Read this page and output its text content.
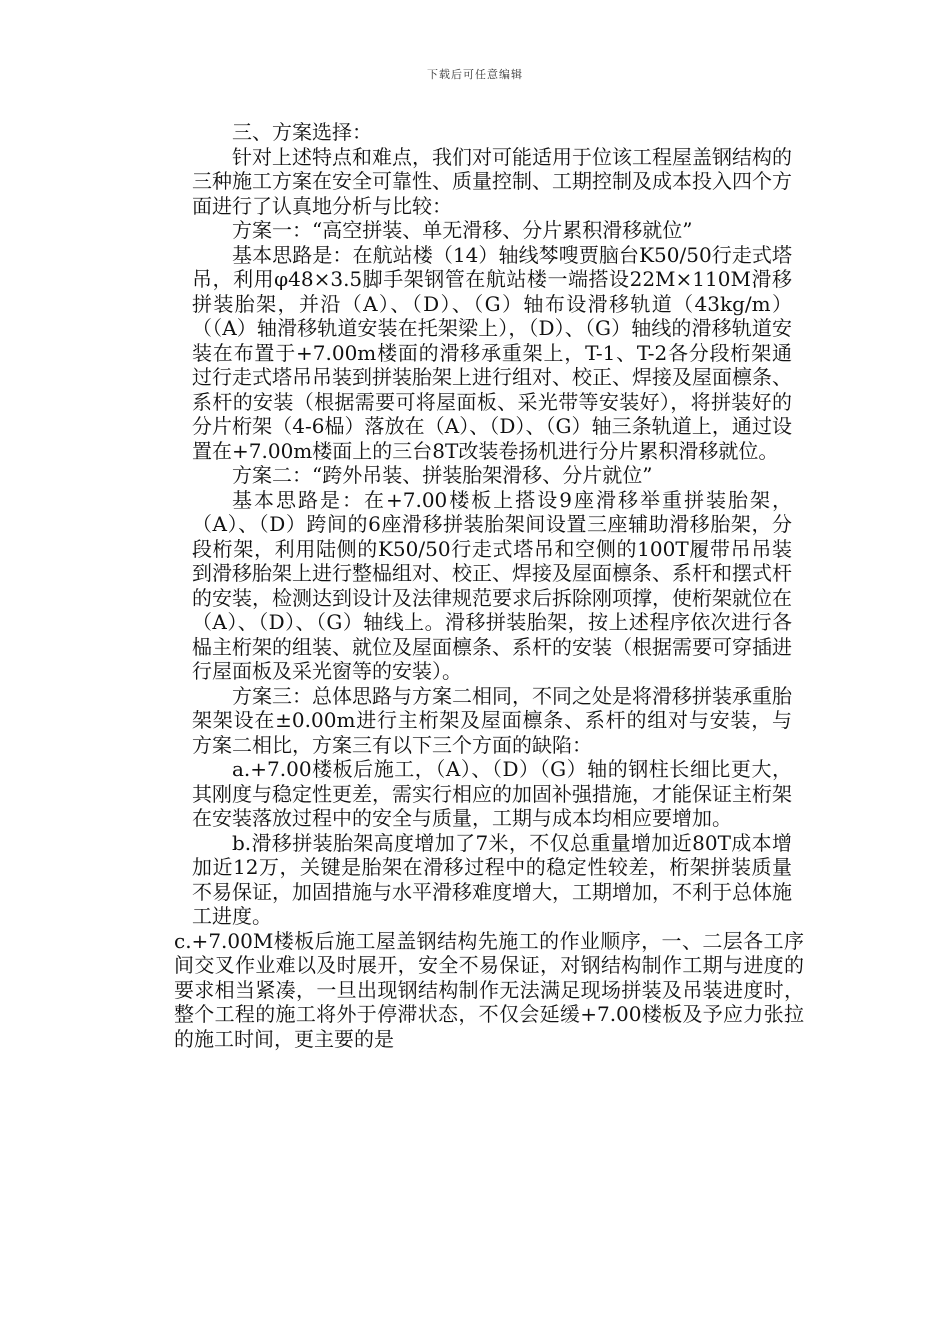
下载后可任意编辑

三、方案选择：

针对上述特点和难点，我们对可能适用于位该工程屋盖钢结构的三种施工方案在安全可靠性、质量控制、工期控制及成本投入四个方面进行了认真地分析与比较：

方案一：“高空拼装、单无滑移、分片累积滑移就位”

基本思路是：在航站楼（14）轴线棽嗖贾脑台K50/50行走式塔吊，利用φ48×3.5脚手架钢管在航站楼一端搭设22M×110M滑移拼装胎架，并沿（A）、（D）、（G）轴布设滑移轨道（43kg/m）（（A）轴滑移轨道安装在托架梁上），（D）、（G）轴线的滑移轨道安装在布置于+7.00m楼面的滑移承重架上，T-1、T-2各分段桁架通过行走式塔吊吊装到拼装胎架上进行组对、校正、焊接及屋面檩条、系杆的安装（根据需要可将屋面板、采光带等安装好），将拼装好的分片桁架（4-6榀）落放在（A）、（D）、（G）轴三条轨道上，通过设置在+7.00m楼面上的三台8T改装卷扬机进行分片累积滑移就位。

方案二：“跨外吊装、拼装胎架滑移、分片就位”

基本思路是：在+7.00楼板上搭设9座滑移举重拼装胎架，（A）、（D）跨间的6座滑移拼装胎架间设置三座辅助滑移胎架，分段桁架，利用陆侧的K50/50行走式塔吊和空侧的100T履带吊吊装到滑移胎架上进行整榀组对、校正、焊接及屋面檩条、系杆和摆式杆的安装，检测达到设计及法律规范要求后拆除刚项撑，使桁架就位在（A）、（D）、（G）轴线上。滑移拼装胎架，按上述程序依次进行各榀主桁架的组装、就位及屋面檩条、系杆的安装（根据需要可穿插进行屋面板及采光窗等的安装）。

方案三：总体思路与方案二相同，不同之处是将滑移拼装承重胎架架设在±0.00m进行主桁架及屋面檩条、系杆的组对与安装，与方案二相比，方案三有以下三个方面的缺陷：

a.+7.00楼板后施工，（A）、（D）（G）轴的钢柱长细比更大，其刚度与稳定性更差，需实行相应的加固补强措施，才能保证主桁架在安装落放过程中的安全与质量，工期与成本均相应要增加。

b.滑移拼装胎架高度增加了7米，不仅总重量增加近80T成本增加近12万，关键是胎架在滑移过程中的稳定性较差，桁架拼装质量不易保证，加固措施与水平滑移难度增大，工期增加，不利于总体施工进度。

c.+7.00M楼板后施工屋盖钢结构先施工的作业顺序，一、二层各工序间交叉作业难以及时展开，安全不易保证，对钢结构制作工期与进度的要求相当紧凑，一旦出现钢结构制作无法满足现场拼装及吊装进度时，整个工程的施工将外于停滞状态，不仅会延缓+7.00楼板及予应力张拉的施工时间，更主要的是
